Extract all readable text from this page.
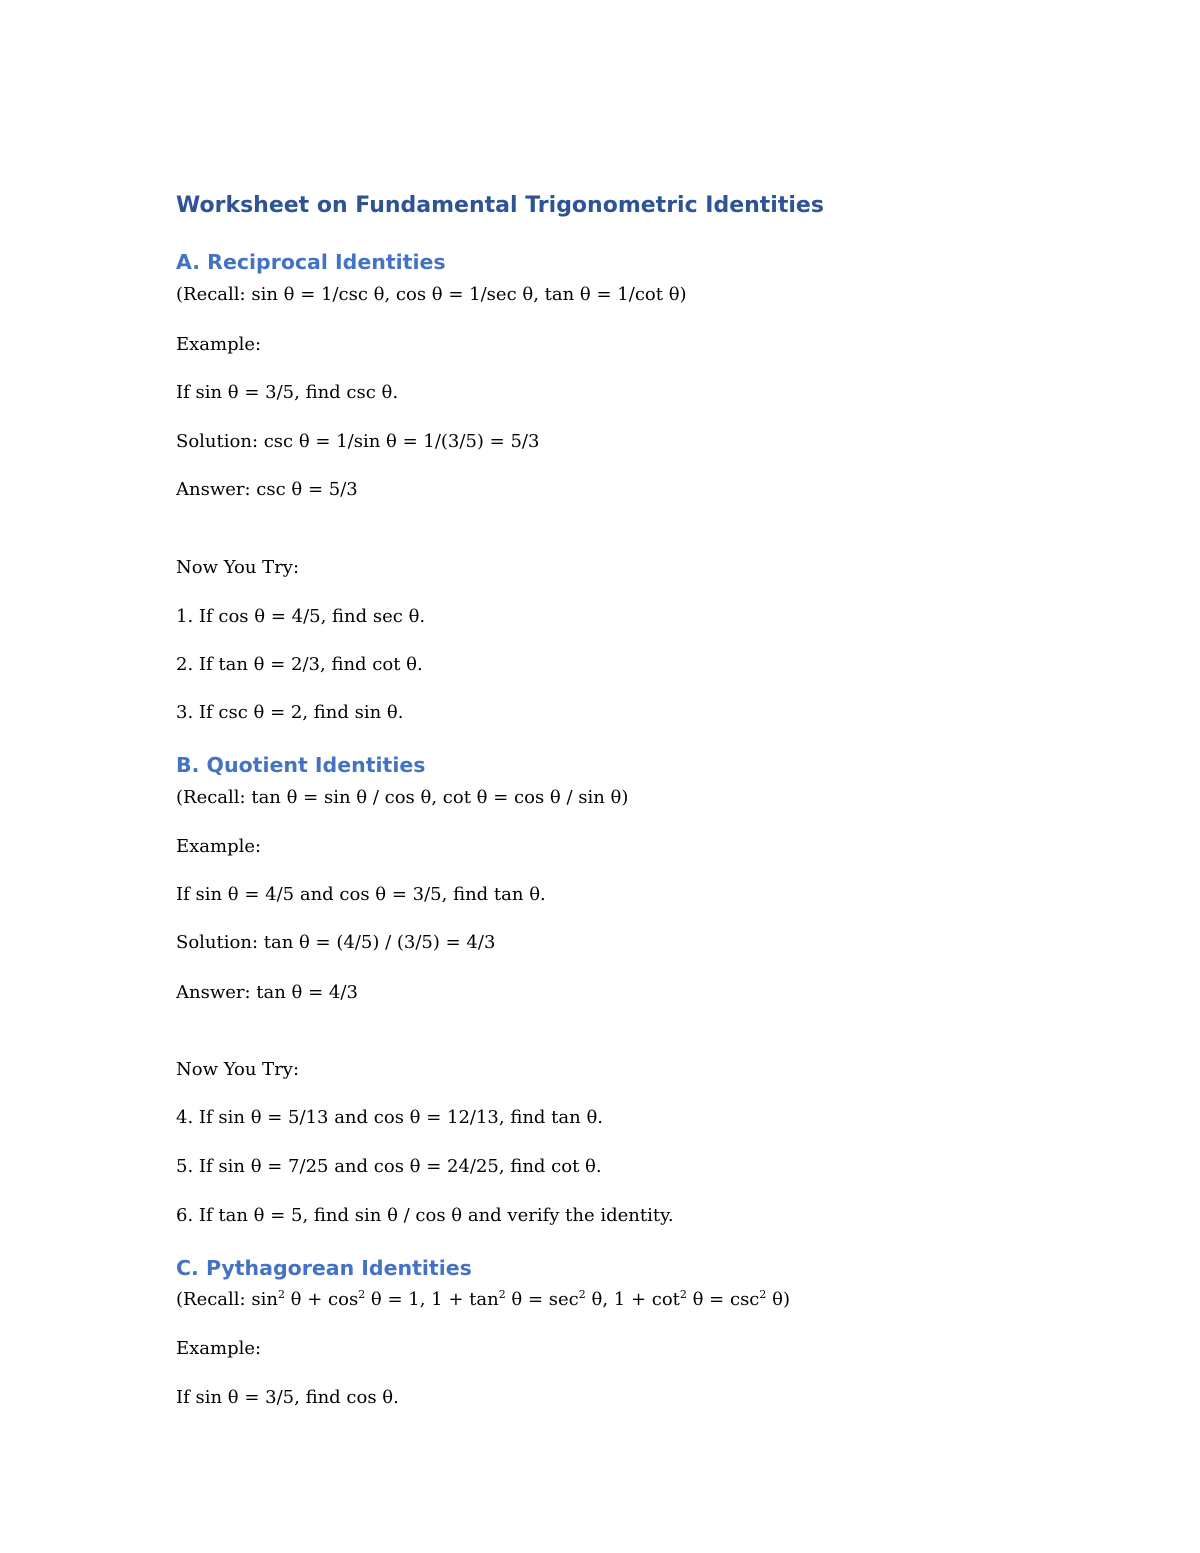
Worksheet on Fundamental Trigonometric Identities
A. Reciprocal Identities
(Recall: sin θ = 1/csc θ, cos θ = 1/sec θ, tan θ = 1/cot θ)
Example:
If sin θ = 3/5, find csc θ.
Solution: csc θ = 1/sin θ = 1/(3/5) = 5/3
Answer: csc θ = 5/3
Now You Try:
1. If cos θ = 4/5, find sec θ.
2. If tan θ = 2/3, find cot θ.
3. If csc θ = 2, find sin θ.
B. Quotient Identities
(Recall: tan θ = sin θ / cos θ, cot θ = cos θ / sin θ)
Example:
If sin θ = 4/5 and cos θ = 3/5, find tan θ.
Solution: tan θ = (4/5) / (3/5) = 4/3
Answer: tan θ = 4/3
Now You Try:
4. If sin θ = 5/13 and cos θ = 12/13, find tan θ.
5. If sin θ = 7/25 and cos θ = 24/25, find cot θ.
6. If tan θ = 5, find sin θ / cos θ and verify the identity.
C. Pythagorean Identities
(Recall: $\sin^2 \theta + \cos^2 \theta = 1$, $1 + \tan^2 \theta = \sec^2 \theta$, $1 + \cot^2 \theta = \csc^2 \theta$)
Example:
If sin θ = 3/5, find cos θ.
